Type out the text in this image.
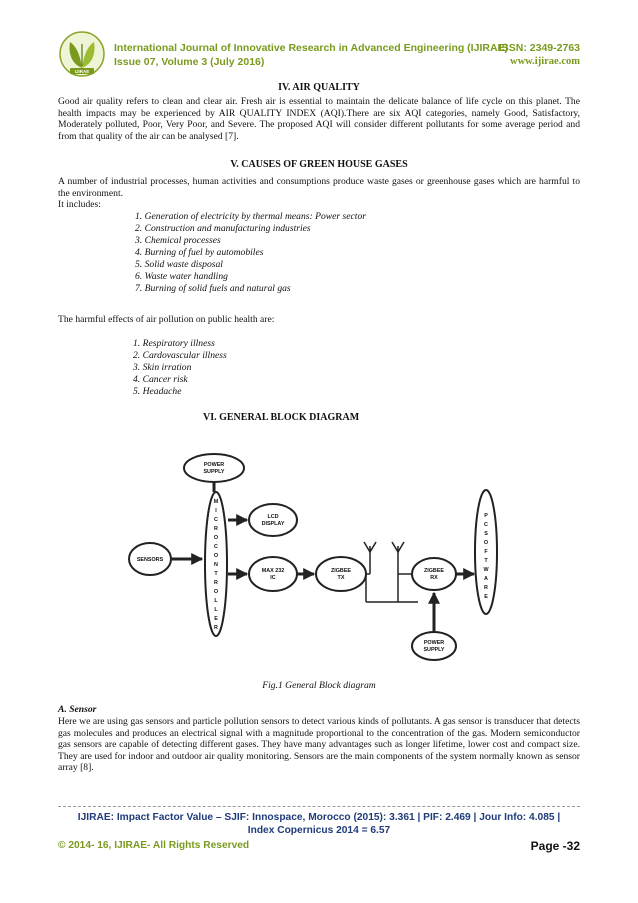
IJIRAE
International Journal of Innovative Research in Advanced Engineering (IJIRAE)
Issue 07, Volume 3 (July 2016)
ISSN: 2349-2763
www.ijirae.com
IV. AIR QUALITY

Good air quality refers to clean and clear air. Fresh air is essential to maintain the delicate balance of life cycle on this planet. The health impacts may be experienced by AIR QUALITY INDEX (AQI).There are six AQI categories, namely Good, Satisfactory, Moderately polluted, Poor, Very Poor, and Severe. The proposed AQI will consider different pollutants for some average period and from that quality of the air can be analysed [7].

V. CAUSES OF GREEN HOUSE GASES

A number of industrial processes, human activities and consumptions produce waste gases or greenhouse gases which are harmful to the environment.

It includes:
1. Generation of electricity by thermal means: Power sector
2. Construction and manufacturing industries
3. Chemical processes
4. Burning of fuel by automobiles
5. Solid waste disposal
6. Waste water handling
7. Burning of solid fuels and natural gas
The harmful effects of air pollution on public health are:
1. Respiratory illness
2. Cardovascular illness
3. Skin irration
4. Cancer risk
5. Headache
VI. GENERAL BLOCK DIAGRAM
POWER
SUPPLY
M
I
C
R
O
C
O
N
T
R
O
L
L
E
R
SENSORS
LCD
DISPLAY
MAX 232
IC
ZIGBEE
TX
ZIGBEE
RX
POWER
SUPPLY
P
C
S
O
F
T
W
A
R
E
Fig.1 General Block diagram
A. Sensor

Here we are using gas sensors and particle pollution sensors to detect various kinds of pollutants. A gas sensor is transducer that detects gas molecules and produces an electrical signal with a magnitude proportional to the concentration of the gas. Modern semiconductor gas sensors are capable of detecting different gases. They have many advantages such as longer lifetime, lower cost and compact size. They are used for indoor and outdoor air quality monitoring. Sensors are the main components of the system normally known as sensor array [8].

IJIRAE: Impact Factor Value – SJIF: Innospace, Morocco (2015): 3.361 | PIF: 2.469 | Jour Info: 4.085 |
Index Copernicus 2014 = 6.57
© 2014- 16, IJIRAE- All Rights Reserved	Page -32
